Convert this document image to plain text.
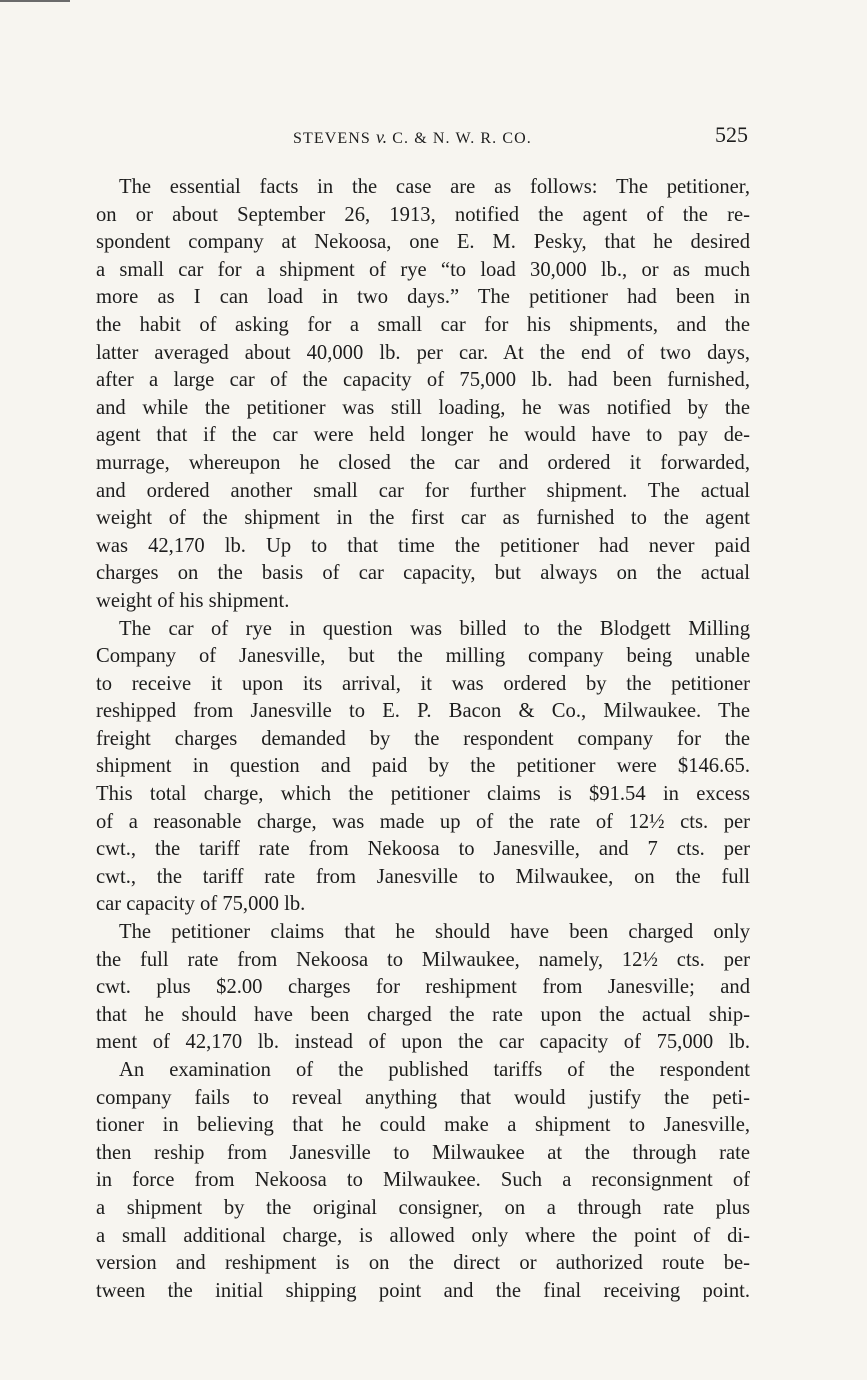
STEVENS v. C. & N. W. R. CO.	525
The essential facts in the case are as follows: The petitioner,
on or about September 26, 1913, notified the agent of the re-
spondent company at Nekoosa, one E. M. Pesky, that he desired
a small car for a shipment of rye “to load 30,000 lb., or as much
more as I can load in two days.” The petitioner had been in
the habit of asking for a small car for his shipments, and the
latter averaged about 40,000 lb. per car. At the end of two days,
after a large car of the capacity of 75,000 lb. had been furnished,
and while the petitioner was still loading, he was notified by the
agent that if the car were held longer he would have to pay de-
murrage, whereupon he closed the car and ordered it forwarded,
and ordered another small car for further shipment. The actual
weight of the shipment in the first car as furnished to the agent
was 42,170 lb. Up to that time the petitioner had never paid
charges on the basis of car capacity, but always on the actual
weight of his shipment.
The car of rye in question was billed to the Blodgett Milling
Company of Janesville, but the milling company being unable
to receive it upon its arrival, it was ordered by the petitioner
reshipped from Janesville to E. P. Bacon & Co., Milwaukee. The
freight charges demanded by the respondent company for the
shipment in question and paid by the petitioner were $146.65.
This total charge, which the petitioner claims is $91.54 in excess
of a reasonable charge, was made up of the rate of 12½ cts. per
cwt., the tariff rate from Nekoosa to Janesville, and 7 cts. per
cwt., the tariff rate from Janesville to Milwaukee, on the full
car capacity of 75,000 lb.
The petitioner claims that he should have been charged only
the full rate from Nekoosa to Milwaukee, namely, 12½ cts. per
cwt. plus $2.00 charges for reshipment from Janesville; and
that he should have been charged the rate upon the actual ship-
ment of 42,170 lb. instead of upon the car capacity of 75,000 lb.
An examination of the published tariffs of the respondent
company fails to reveal anything that would justify the peti-
tioner in believing that he could make a shipment to Janesville,
then reship from Janesville to Milwaukee at the through rate
in force from Nekoosa to Milwaukee. Such a reconsignment of
a shipment by the original consigner, on a through rate plus
a small additional charge, is allowed only where the point of di-
version and reshipment is on the direct or authorized route be-
tween the initial shipping point and the final receiving point.
